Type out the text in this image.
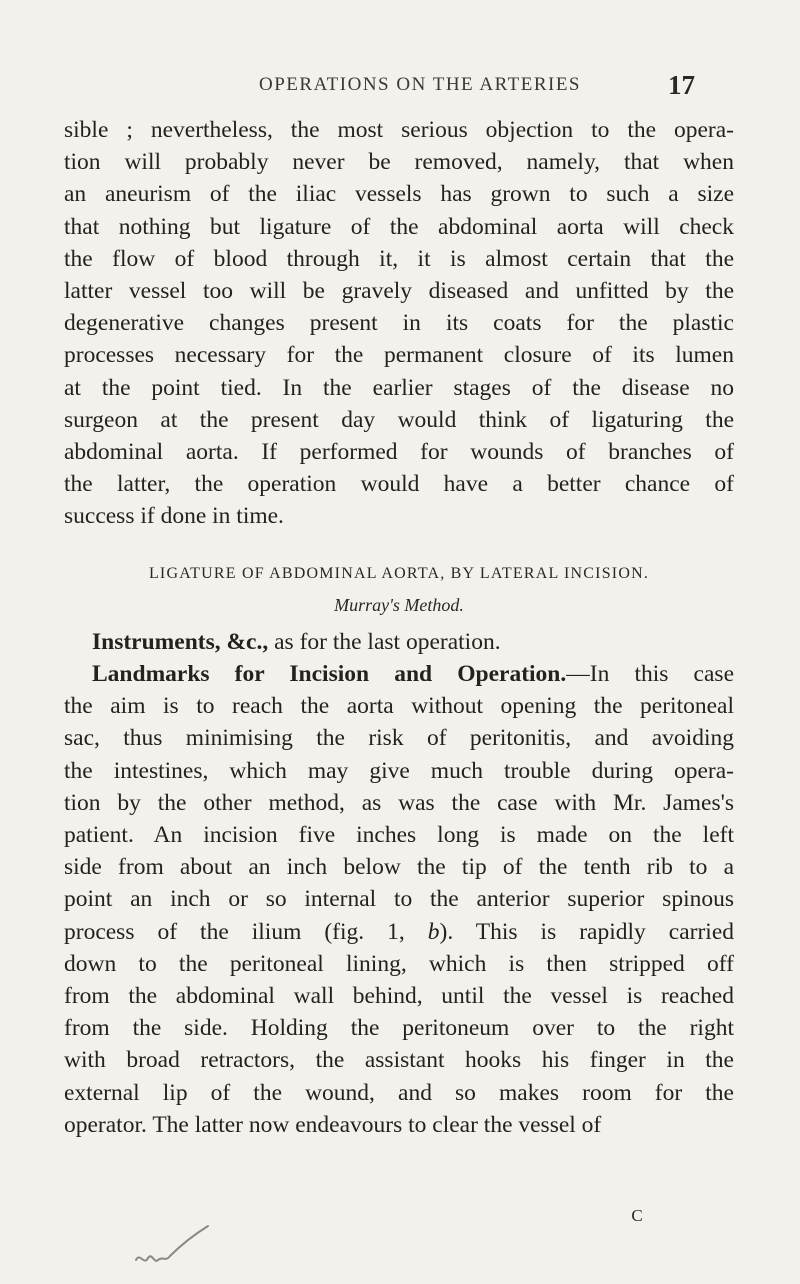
OPERATIONS ON THE ARTERIES	17
sible ; nevertheless, the most serious objection to the opera-
tion will probably never be removed, namely, that when
an aneurism of the iliac vessels has grown to such a size
that nothing but ligature of the abdominal aorta will check
the flow of blood through it, it is almost certain that the
latter vessel too will be gravely diseased and unfitted by the
degenerative changes present in its coats for the plastic
processes necessary for the permanent closure of its lumen
at the point tied. In the earlier stages of the disease no
surgeon at the present day would think of ligaturing the
abdominal aorta. If performed for wounds of branches of
the latter, the operation would have a better chance of
success if done in time.
LIGATURE OF ABDOMINAL AORTA, BY LATERAL INCISION.
Murray's Method.
Instruments, &c., as for the last operation.
Landmarks for Incision and Operation.—In this case
the aim is to reach the aorta without opening the peritoneal
sac, thus minimising the risk of peritonitis, and avoiding
the intestines, which may give much trouble during opera-
tion by the other method, as was the case with Mr. James's
patient. An incision five inches long is made on the left
side from about an inch below the tip of the tenth rib to a
point an inch or so internal to the anterior superior spinous
process of the ilium (fig. 1, b). This is rapidly carried
down to the peritoneal lining, which is then stripped off
from the abdominal wall behind, until the vessel is reached
from the side. Holding the peritoneum over to the right
with broad retractors, the assistant hooks his finger in the
external lip of the wound, and so makes room for the
operator. The latter now endeavours to clear the vessel of
C
